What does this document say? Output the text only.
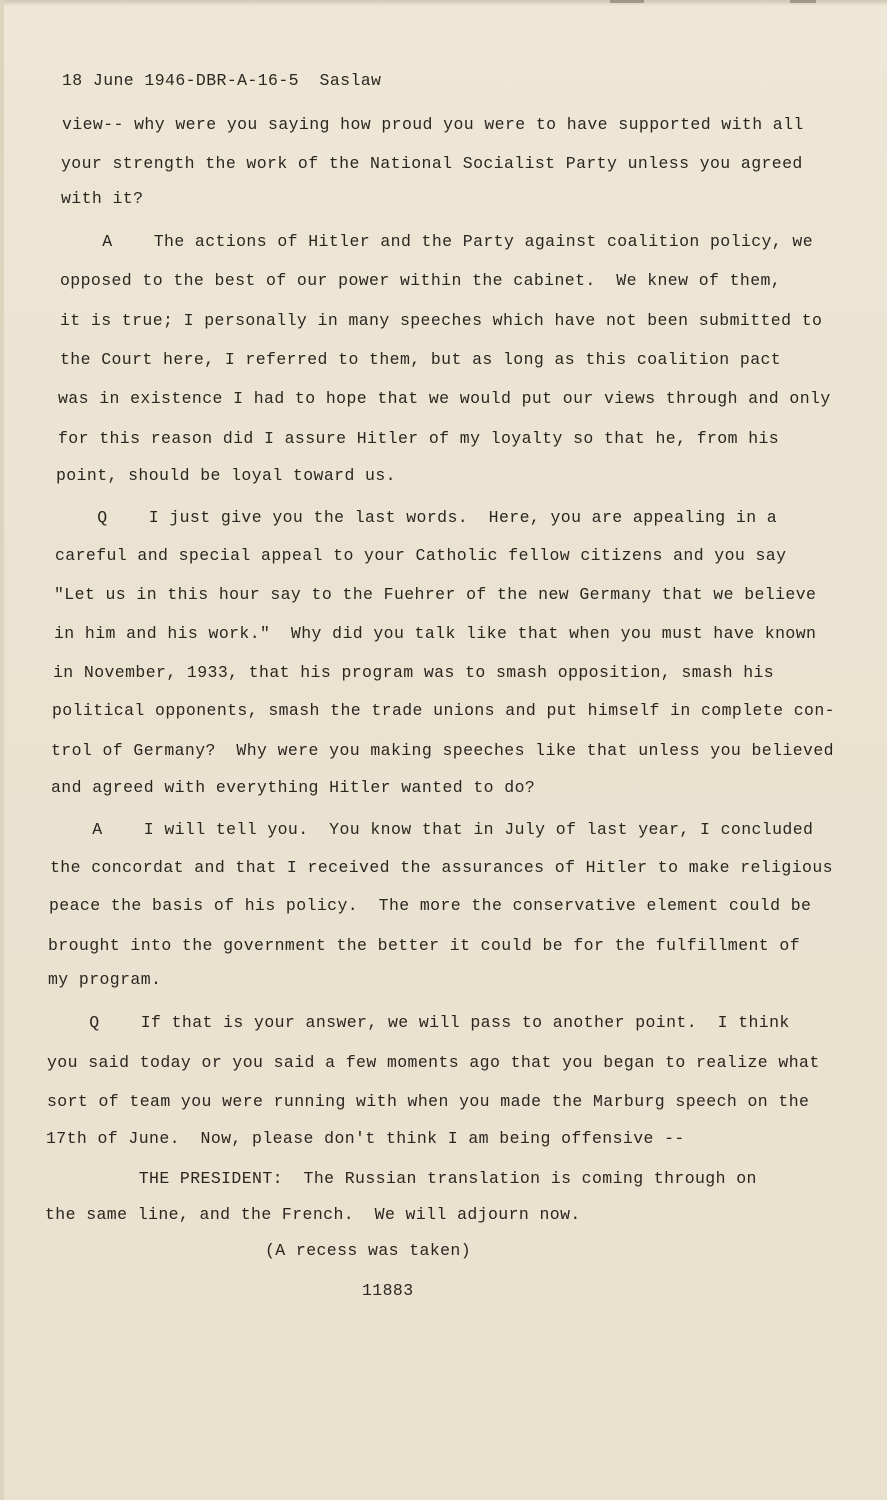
18 June 1946-DBR-A-16-5  Saslaw
view-- why were you saying how proud you were to have supported with all
your strength the work of the National Socialist Party unless you agreed
with it?
A    The actions of Hitler and the Party against coalition policy, we
opposed to the best of our power within the cabinet.  We knew of them,
it is true; I personally in many speeches which have not been submitted to
the Court here, I referred to them, but as long as this coalition pact
was in existence I had to hope that we would put our views through and only
for this reason did I assure Hitler of my loyalty so that he, from his
point, should be loyal toward us.
Q    I just give you the last words.  Here, you are appealing in a
careful and special appeal to your Catholic fellow citizens and you say
"Let us in this hour say to the Fuehrer of the new Germany that we believe
in him and his work."  Why did you talk like that when you must have known
in November, 1933, that his program was to smash opposition, smash his
political opponents, smash the trade unions and put himself in complete con-
trol of Germany?  Why were you making speeches like that unless you believed
and agreed with everything Hitler wanted to do?
A    I will tell you.  You know that in July of last year, I concluded
the concordat and that I received the assurances of Hitler to make religious
peace the basis of his policy.  The more the conservative element could be
brought into the government the better it could be for the fulfillment of
my program.
Q    If that is your answer, we will pass to another point.  I think
you said today or you said a few moments ago that you began to realize what
sort of team you were running with when you made the Marburg speech on the
17th of June.  Now, please don't think I am being offensive --
THE PRESIDENT:  The Russian translation is coming through on
the same line, and the French.  We will adjourn now.
(A recess was taken)
11883
